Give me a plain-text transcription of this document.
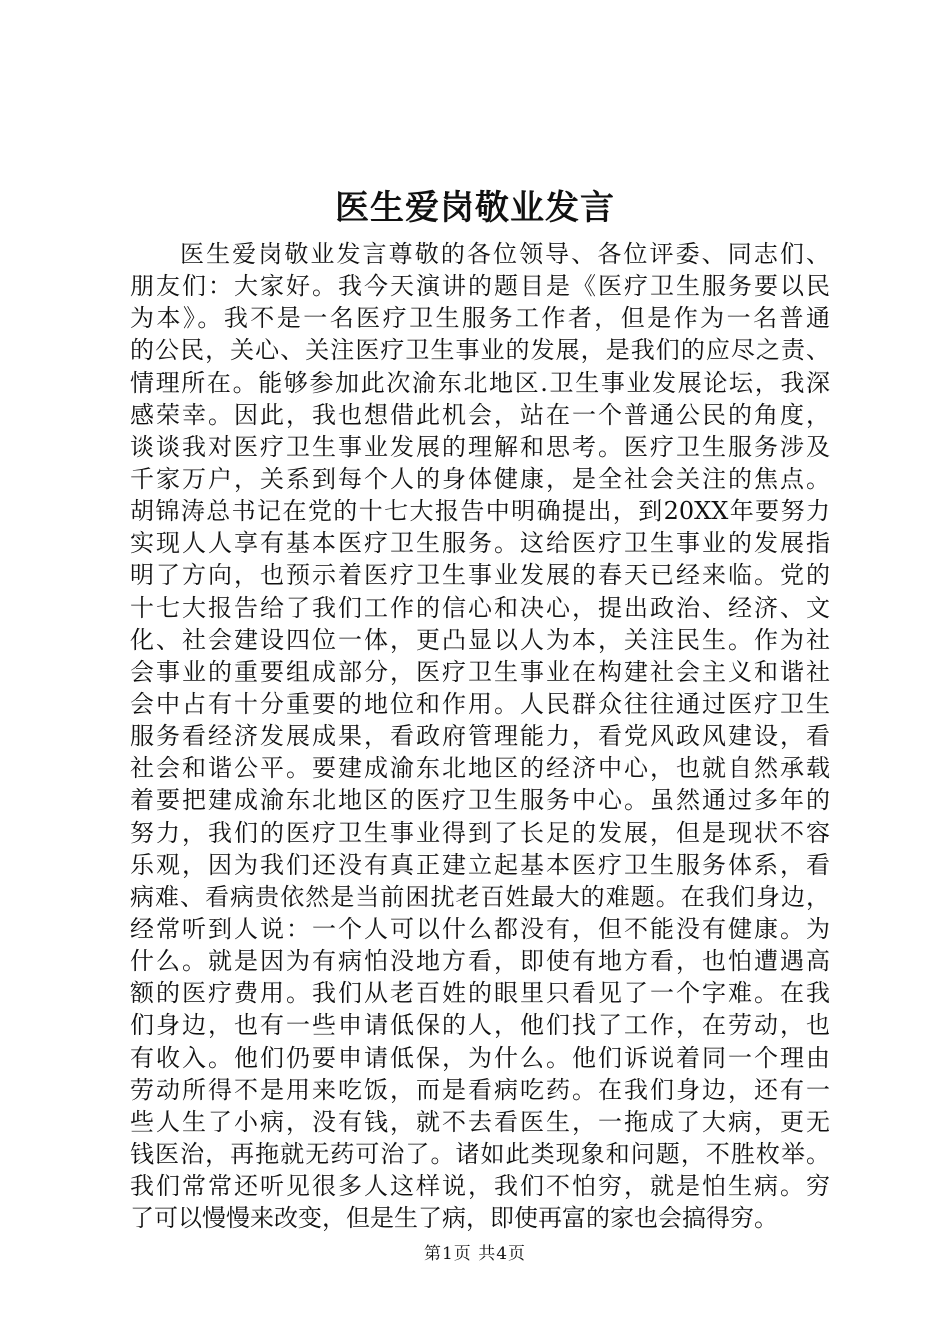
医生爱岗敬业发言
医生爱岗敬业发言尊敬的各位领导、各位评委、同志们、
朋友们：大家好。我今天演讲的题目是《医疗卫生服务要以民
为本》。我不是一名医疗卫生服务工作者，但是作为一名普通
的公民，关心、关注医疗卫生事业的发展，是我们的应尽之责、
情理所在。能够参加此次渝东北地区.卫生事业发展论坛，我深
感荣幸。因此，我也想借此机会，站在一个普通公民的角度，
谈谈我对医疗卫生事业发展的理解和思考。医疗卫生服务涉及
千家万户，关系到每个人的身体健康，是全社会关注的焦点。
胡锦涛总书记在党的十七大报告中明确提出，到20XX年要努力
实现人人享有基本医疗卫生服务。这给医疗卫生事业的发展指
明了方向，也预示着医疗卫生事业发展的春天已经来临。党的
十七大报告给了我们工作的信心和决心，提出政治、经济、文
化、社会建设四位一体，更凸显以人为本，关注民生。作为社
会事业的重要组成部分，医疗卫生事业在构建社会主义和谐社
会中占有十分重要的地位和作用。人民群众往往通过医疗卫生
服务看经济发展成果，看政府管理能力，看党风政风建设，看
社会和谐公平。要建成渝东北地区的经济中心，也就自然承载
着要把建成渝东北地区的医疗卫生服务中心。虽然通过多年的
努力，我们的医疗卫生事业得到了长足的发展，但是现状不容
乐观，因为我们还没有真正建立起基本医疗卫生服务体系，看
病难、看病贵依然是当前困扰老百姓最大的难题。在我们身边，
经常听到人说：一个人可以什么都没有，但不能没有健康。为
什么。就是因为有病怕没地方看，即使有地方看，也怕遭遇高
额的医疗费用。我们从老百姓的眼里只看见了一个字难。在我
们身边，也有一些申请低保的人，他们找了工作，在劳动，也
有收入。他们仍要申请低保，为什么。他们诉说着同一个理由
劳动所得不是用来吃饭，而是看病吃药。在我们身边，还有一
些人生了小病，没有钱，就不去看医生，一拖成了大病，更无
钱医治，再拖就无药可治了。诸如此类现象和问题，不胜枚举。
我们常常还听见很多人这样说，我们不怕穷，就是怕生病。穷
了可以慢慢来改变，但是生了病，即使再富的家也会搞得穷。
第1页 共4页
